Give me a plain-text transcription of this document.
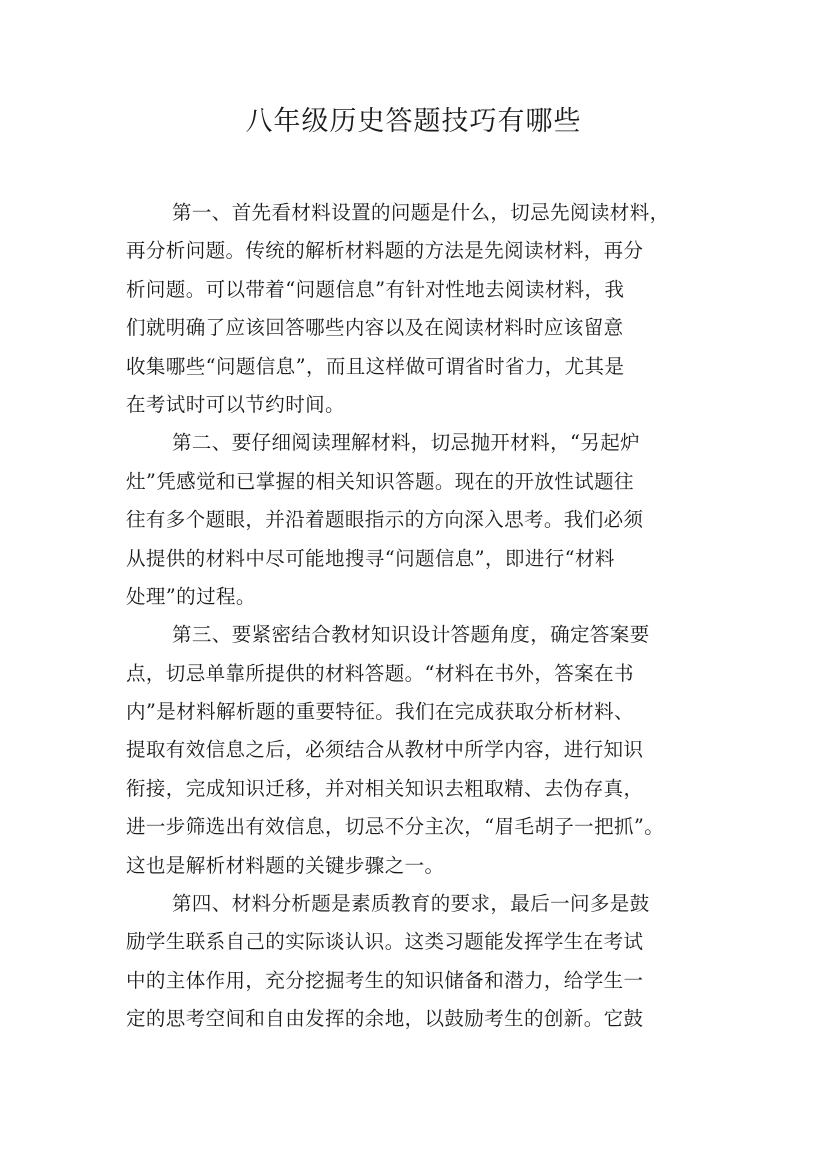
八年级历史答题技巧有哪些
第一、首先看材料设置的问题是什么，切忌先阅读材料，
再分析问题。传统的解析材料题的方法是先阅读材料，再分
析问题。可以带着“问题信息”有针对性地去阅读材料，我
们就明确了应该回答哪些内容以及在阅读材料时应该留意
收集哪些“问题信息”，而且这样做可谓省时省力，尤其是
在考试时可以节约时间。
第二、要仔细阅读理解材料，切忌抛开材料，“另起炉
灶”凭感觉和已掌握的相关知识答题。现在的开放性试题往
往有多个题眼，并沿着题眼指示的方向深入思考。我们必须
从提供的材料中尽可能地搜寻“问题信息”，即进行“材料
处理”的过程。
第三、要紧密结合教材知识设计答题角度，确定答案要
点，切忌单靠所提供的材料答题。“材料在书外，答案在书
内”是材料解析题的重要特征。我们在完成获取分析材料、
提取有效信息之后，必须结合从教材中所学内容，进行知识
衔接，完成知识迁移，并对相关知识去粗取精、去伪存真，
进一步筛选出有效信息，切忌不分主次，“眉毛胡子一把抓”。
这也是解析材料题的关键步骤之一。
第四、材料分析题是素质教育的要求，最后一问多是鼓
励学生联系自己的实际谈认识。这类习题能发挥学生在考试
中的主体作用，充分挖掘考生的知识储备和潜力，给学生一
定的思考空间和自由发挥的余地，以鼓励考生的创新。它鼓
